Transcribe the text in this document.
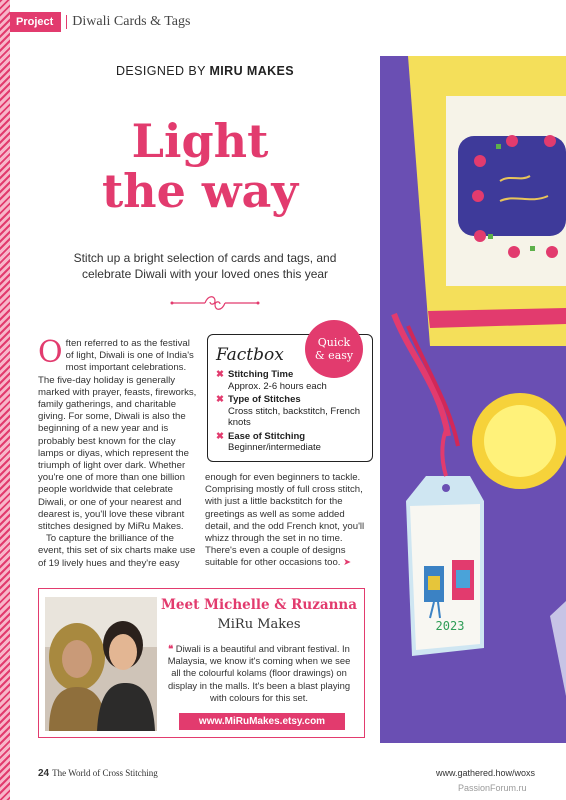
Project	Diwali Cards & Tags
DESIGNED BY MIRU MAKES
Light
the way
Stitch up a bright selection of cards and tags, and celebrate Diwali with your loved ones this year

Often referred to as the festival of light, Diwali is one of India's most important celebrations. The five-day holiday is generally marked with prayer, feasts, fireworks, family gatherings, and charitable giving. For some, Diwali is also the beginning of a new year and is probably best known for the clay lamps or diyas, which represent the triumph of light over dark. Whether you're one of more than one billion people worldwide that celebrate Diwali, or one of your nearest and dearest is, you'll love these vibrant stitches designed by MiRu Makes.

To capture the brilliance of the event, this set of six charts make use of 19 lively hues and they're easy

Factbox
✖ Stitching Time
Approx. 2-6 hours each
✖ Type of Stitches
Cross stitch, backstitch, French knots
✖ Ease of Stitching
Beginner/intermediate
Quick
& easy

enough for even beginners to tackle. Comprising mostly of full cross stitch, with just a little backstitch for the greetings as well as some added detail, and the odd French knot, you'll whizz through the set in no time. There's even a couple of designs suitable for other occasions too. ➤

Meet Michelle & Ruzanna
MiRu Makes
❝ Diwali is a beautiful and vibrant festival. In Malaysia, we know it's coming when we see all the colourful kolams (floor drawings) on display in the malls. It's been a blast playing with colours for this set.
www.MiRuMakes.etsy.com
24 The World of Cross Stitching	www.gathered.how/woxs
PassionForum.ru
2023
